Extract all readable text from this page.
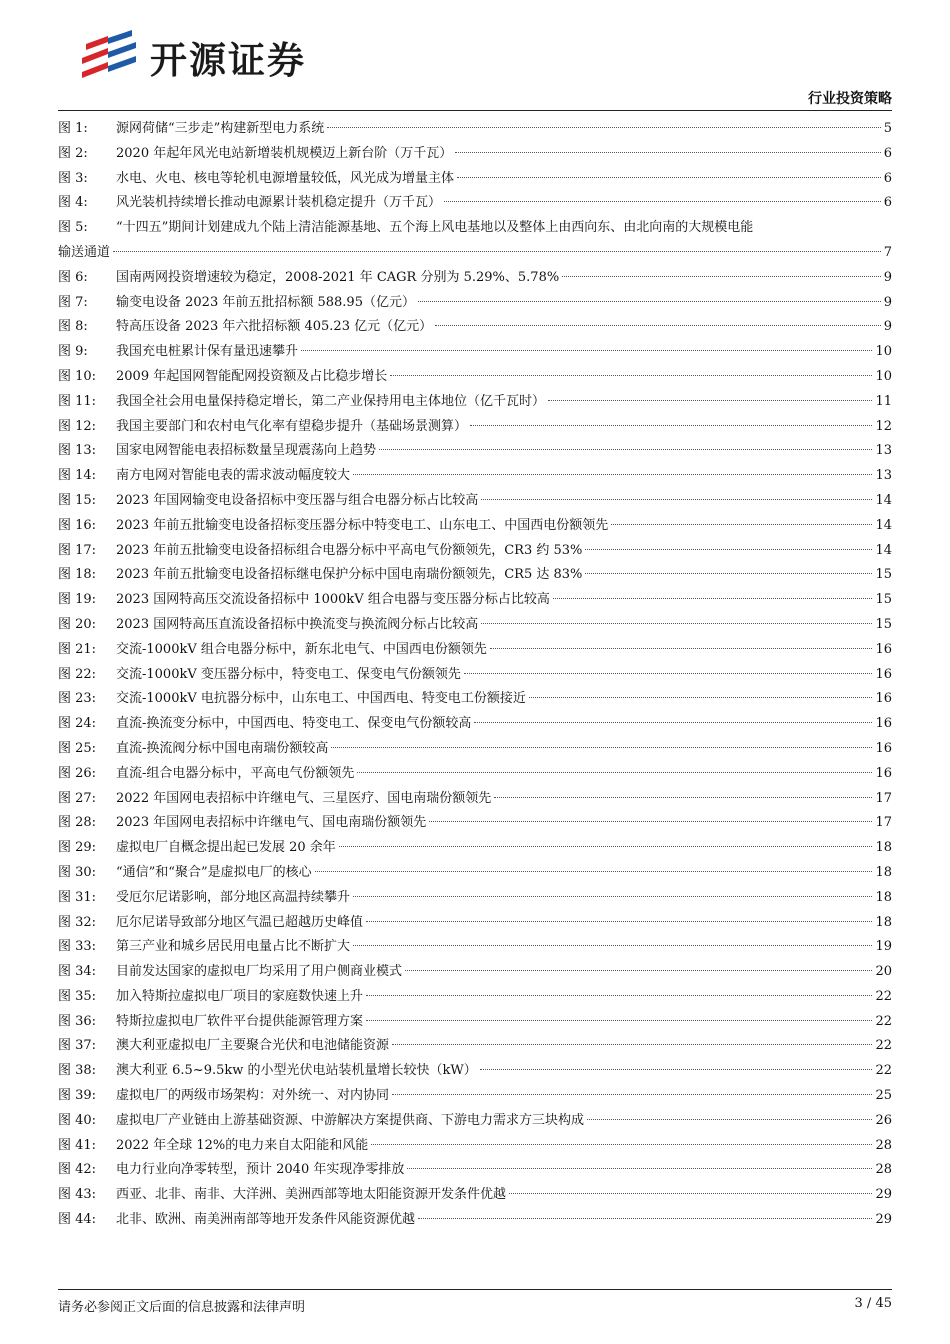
开源证券
行业投资策略
图 1:	源网荷储“三步走”构建新型电力系统	5
图 2:	2020 年起年风光电站新增装机规模迈上新台阶（万千瓦）	6
图 3:	水电、火电、核电等轮机电源增量较低，风光成为增量主体	6
图 4:	风光装机持续增长推动电源累计装机稳定提升（万千瓦）	6
图 5: “十四五”期间计划建成九个陆上清洁能源基地、五个海上风电基地以及整体上由西向东、由北向南的大规模电能
输送通道	7
图 6:	国南两网投资增速较为稳定，2008-2021 年 CAGR 分别为 5.29%、5.78%	9
图 7:	输变电设备 2023 年前五批招标额 588.95（亿元）	9
图 8:	特高压设备 2023 年六批招标额 405.23 亿元（亿元）	9
图 9:	我国充电桩累计保有量迅速攀升	10
图 10:	2009 年起国网智能配网投资额及占比稳步增长	10
图 11:	我国全社会用电量保持稳定增长，第二产业保持用电主体地位（亿千瓦时）	11
图 12:	我国主要部门和农村电气化率有望稳步提升（基础场景测算）	12
图 13:	国家电网智能电表招标数量呈现震荡向上趋势	13
图 14:	南方电网对智能电表的需求波动幅度较大	13
图 15:	2023 年国网输变电设备招标中变压器与组合电器分标占比较高	14
图 16:	2023 年前五批输变电设备招标变压器分标中特变电工、山东电工、中国西电份额领先	14
图 17:	2023 年前五批输变电设备招标组合电器分标中平高电气份额领先，CR3 约 53%	14
图 18:	2023 年前五批输变电设备招标继电保护分标中国电南瑞份额领先，CR5 达 83%	15
图 19:	2023 国网特高压交流设备招标中 1000kV 组合电器与变压器分标占比较高	15
图 20:	2023 国网特高压直流设备招标中换流变与换流阀分标占比较高	15
图 21:	交流-1000kV 组合电器分标中，新东北电气、中国西电份额领先	16
图 22:	交流-1000kV 变压器分标中，特变电工、保变电气份额领先	16
图 23:	交流-1000kV 电抗器分标中，山东电工、中国西电、特变电工份额接近	16
图 24:	直流-换流变分标中，中国西电、特变电工、保变电气份额较高	16
图 25:	直流-换流阀分标中国电南瑞份额较高	16
图 26:	直流-组合电器分标中，平高电气份额领先	16
图 27:	2022 年国网电表招标中许继电气、三星医疗、国电南瑞份额领先	17
图 28:	2023 年国网电表招标中许继电气、国电南瑞份额领先	17
图 29:	虚拟电厂自概念提出起已发展 20 余年	18
图 30:	“通信”和“聚合”是虚拟电厂的核心	18
图 31:	受厄尔尼诺影响，部分地区高温持续攀升	18
图 32:	厄尔尼诺导致部分地区气温已超越历史峰值	18
图 33:	第三产业和城乡居民用电量占比不断扩大	19
图 34:	目前发达国家的虚拟电厂均采用了用户侧商业模式	20
图 35:	加入特斯拉虚拟电厂项目的家庭数快速上升	22
图 36:	特斯拉虚拟电厂软件平台提供能源管理方案	22
图 37:	澳大利亚虚拟电厂主要聚合光伏和电池储能资源	22
图 38:	澳大利亚 6.5~9.5kw 的小型光伏电站装机量增长较快（kW）	22
图 39:	虚拟电厂的两级市场架构：对外统一、对内协同	25
图 40:	虚拟电厂产业链由上游基础资源、中游解决方案提供商、下游电力需求方三块构成	26
图 41:	2022 年全球 12%的电力来自太阳能和风能	28
图 42:	电力行业向净零转型，预计 2040 年实现净零排放	28
图 43:	西亚、北非、南非、大洋洲、美洲西部等地太阳能资源开发条件优越	29
图 44:	北非、欧洲、南美洲南部等地开发条件风能资源优越	29
请务必参阅正文后面的信息披露和法律声明	3 / 45
